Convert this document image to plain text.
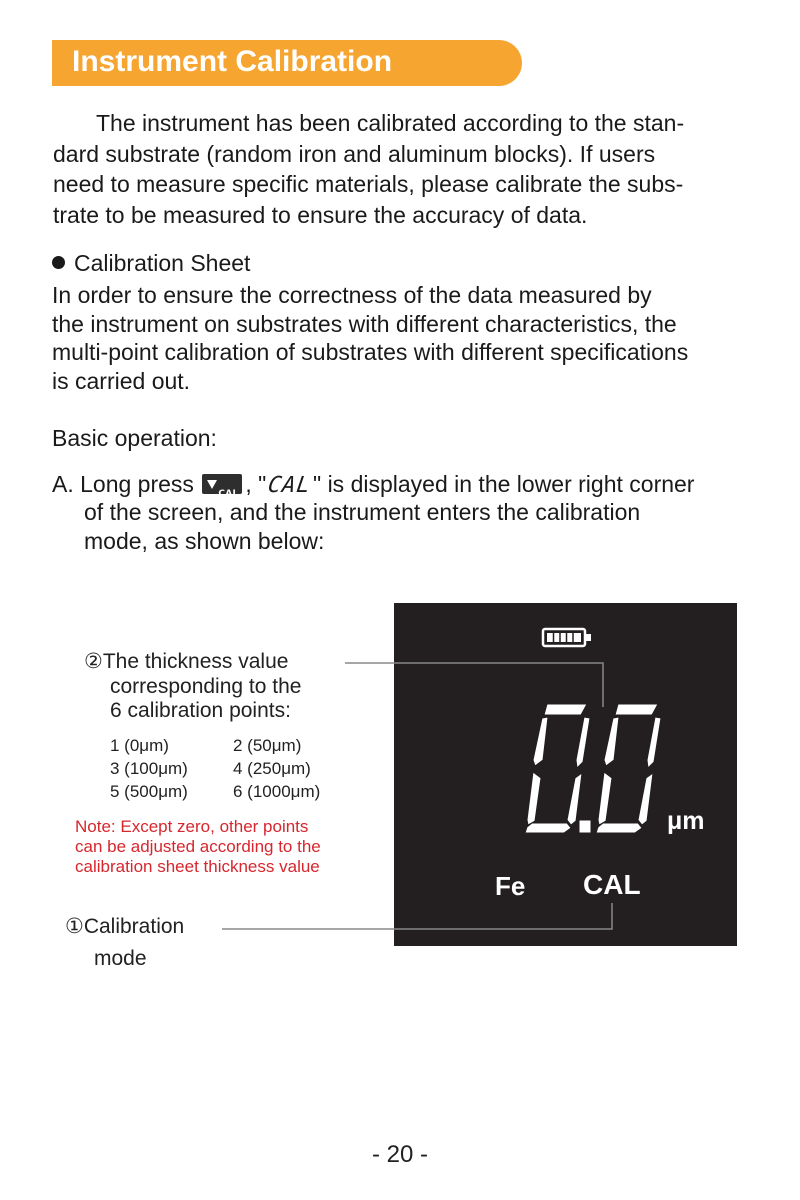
Instrument Calibration
The instrument has been calibrated according to the stan-
dard substrate (random iron and aluminum blocks). If users
need to measure specific materials, please calibrate the subs-
trate to be measured to ensure the accuracy of data.
Calibration Sheet
In order to ensure the correctness of the data measured by
the instrument on substrates with different characteristics, the
multi-point calibration of substrates with different specifications
is carried out.
Basic operation:
A. Long press	CAL , "CAL" is displayed in the lower right corner
of the screen, and the instrument enters the calibration
mode, as shown below:
②The thickness value
corresponding to the
6 calibration points:
1 (0μm)	2 (50μm)
3 (100μm)	4 (250μm)
5 (500μm)	6 (1000μm)
Note: Except zero, other points
can be adjusted according to the
calibration sheet thickness value
①Calibration
mode
0.0
μm
Fe CAL
- 20 -
